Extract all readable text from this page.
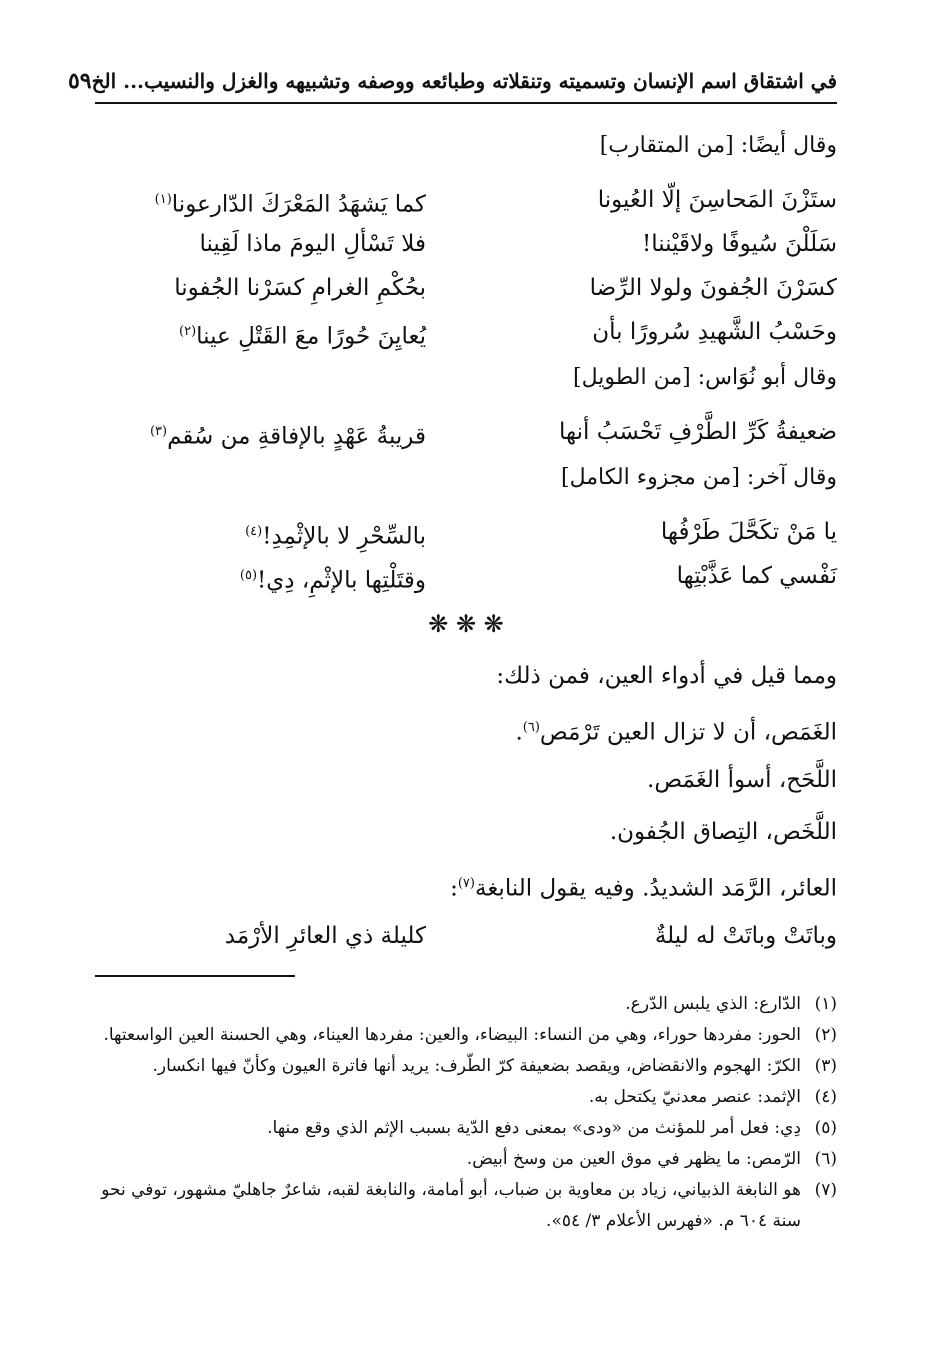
في اشتقاق اسم الإنسان وتسميته وتنقلاته وطبائعه ووصفه وتشبيهه والغزل والنسيب... الخ
٥٩

وقال أيضًا: [من المتقارب]

ستَزْنَ المَحاسِنَ إلّا العُيونا
كما يَشهَدُ المَعْرَكَ الدّارعونا$^{(١)}$
سَلَلْنَ سُيوفًا ولاقَيْننا!
فلا تَسْألِ اليومَ ماذا لَقِينا
كسَرْنَ الجُفونَ ولولا الرِّضا
بحُكْمِ الغرامِ كسَرْنا الجُفونا
وحَسْبُ الشَّهيدِ سُرورًا بأن
يُعايِنَ حُورًا معَ القَتْلِ عينا$^{(٢)}$

وقال أبو نُوَاس: [من الطويل]

ضعيفةُ كَرِّ الطَّرْفِ تَحْسَبُ أنها
قريبةُ عَهْدٍ بالإفاقةِ من سُقم$^{(٣)}$

وقال آخر: [من مجزوء الكامل]

يا مَنْ تكَحَّلَ طَرْفُها
بالسِّحْرِ لا بالإثْمِدِ!$^{(٤)}$
نَفْسي كما عَذَّبْتِها
وقتَلْتِها بالإثْمِ، دِي!$^{(٥)}$
❋ ❋ ❋

ومما قيل في أدواء العين، فمن ذلك:

الغَمَص، أن لا تزال العين تَرْمَص$^{(٦)}$.

اللَّحَح، أسوأ الغَمَص.

اللَّخَص، التِصاق الجُفون.

العائر، الرَّمَد الشديدُ. وفيه يقول النابغة$^{(٧)}$:

وباتَتْ وباتَتْ له ليلةٌ
كليلة ذي العائرِ الأرْمَد
(١)
الدّارع: الذي يلبس الدّرع.
(٢)
الحور: مفردها حوراء، وهي من النساء: البيضاء، والعين: مفردها العيناء، وهي الحسنة العين الواسعتها.
(٣)
الكرّ: الهجوم والانقضاض، ويقصد بضعيفة كرّ الطّرف: يريد أنها فاترة العيون وكأنّ فيها انكسار.
(٤)
الإثمد: عنصر معدنيّ يكتحل به.
(٥)
دِي: فعل أمر للمؤنث من «ودى» بمعنى دفع الدّية بسبب الإثم الذي وقع منها.
(٦)
الرّمص: ما يظهر في موق العين من وسخ أبيض.
(٧)
هو النابغة الذبياني، زياد بن معاوية بن ضباب، أبو أمامة، والنابغة لقبه، شاعرٌ جاهليّ مشهور، توفي نحو سنة ٦٠٤ م. «فهرس الأعلام ٣/ ٥٤».
